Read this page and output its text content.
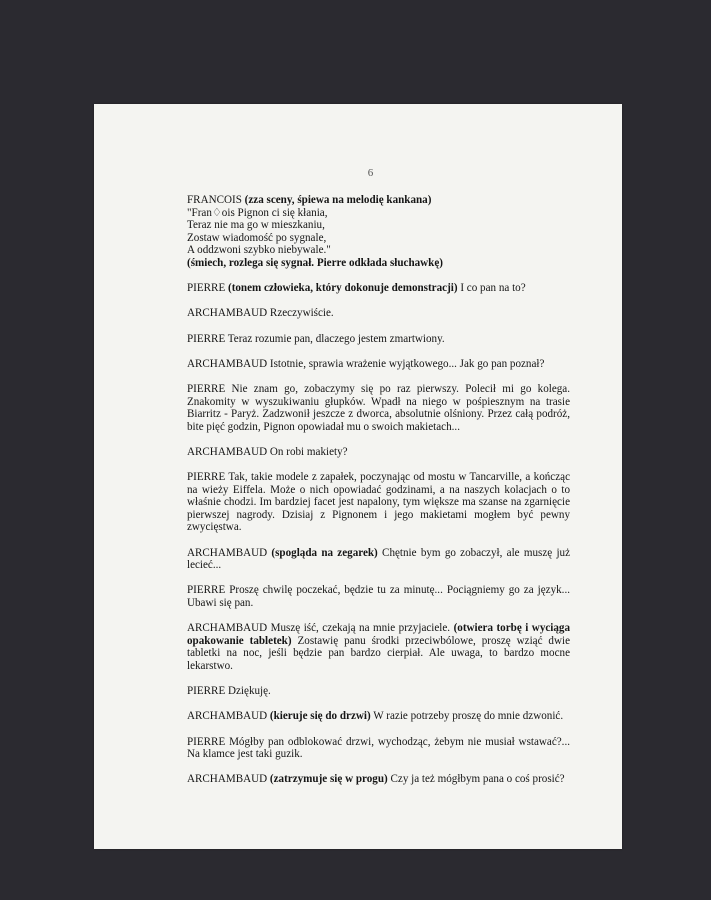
6

FRANCOIS (zza sceny, śpiewa na melodię kankana)
"Fran♢ois Pignon ci się kłania,
Teraz nie ma go w mieszkaniu,
Zostaw wiadomość po sygnale,
A oddzwoni szybko niebywale."
(śmiech, rozlega się sygnał. Pierre odkłada słuchawkę)

PIERRE (tonem człowieka, który dokonuje demonstracji) I co pan na to?

ARCHAMBAUD Rzeczywiście.

PIERRE Teraz rozumie pan, dlaczego jestem zmartwiony.

ARCHAMBAUD Istotnie, sprawia wrażenie wyjątkowego... Jak go pan poznał?

PIERRE Nie znam go, zobaczymy się po raz pierwszy. Polecił mi go kolega. Znakomity w wyszukiwaniu głupków. Wpadł na niego w pośpiesznym na trasie Biarritz - Paryż. Zadzwonił jeszcze z dworca, absolutnie olśniony. Przez całą podróż, bite pięć godzin, Pignon opowiadał mu o swoich makietach...

ARCHAMBAUD On robi makiety?

PIERRE Tak, takie modele z zapałek, poczynając od mostu w Tancarville, a kończąc na wieży Eiffela. Może o nich opowiadać godzinami, a na naszych kolacjach o to właśnie chodzi. Im bardziej facet jest napalony, tym większe ma szanse na zgarnięcie pierwszej nagrody. Dzisiaj z Pignonem i jego makietami mogłem być pewny zwycięstwa.

ARCHAMBAUD (spogląda na zegarek) Chętnie bym go zobaczył, ale muszę już lecieć...

PIERRE Proszę chwilę poczekać, będzie tu za minutę... Pociągniemy go za język... Ubawi się pan.

ARCHAMBAUD Muszę iść, czekają na mnie przyjaciele. (otwiera torbę i wyciąga opakowanie tabletek) Zostawię panu środki przeciwbólowe, proszę wziąć dwie tabletki na noc, jeśli będzie pan bardzo cierpiał. Ale uwaga, to bardzo mocne lekarstwo.

PIERRE Dziękuję.

ARCHAMBAUD (kieruje się do drzwi) W razie potrzeby proszę do mnie dzwonić.

PIERRE Mógłby pan odblokować drzwi, wychodząc, żebym nie musiał wstawać?... Na klamce jest taki guzik.

ARCHAMBAUD (zatrzymuje się w progu) Czy ja też mógłbym pana o coś prosić?
